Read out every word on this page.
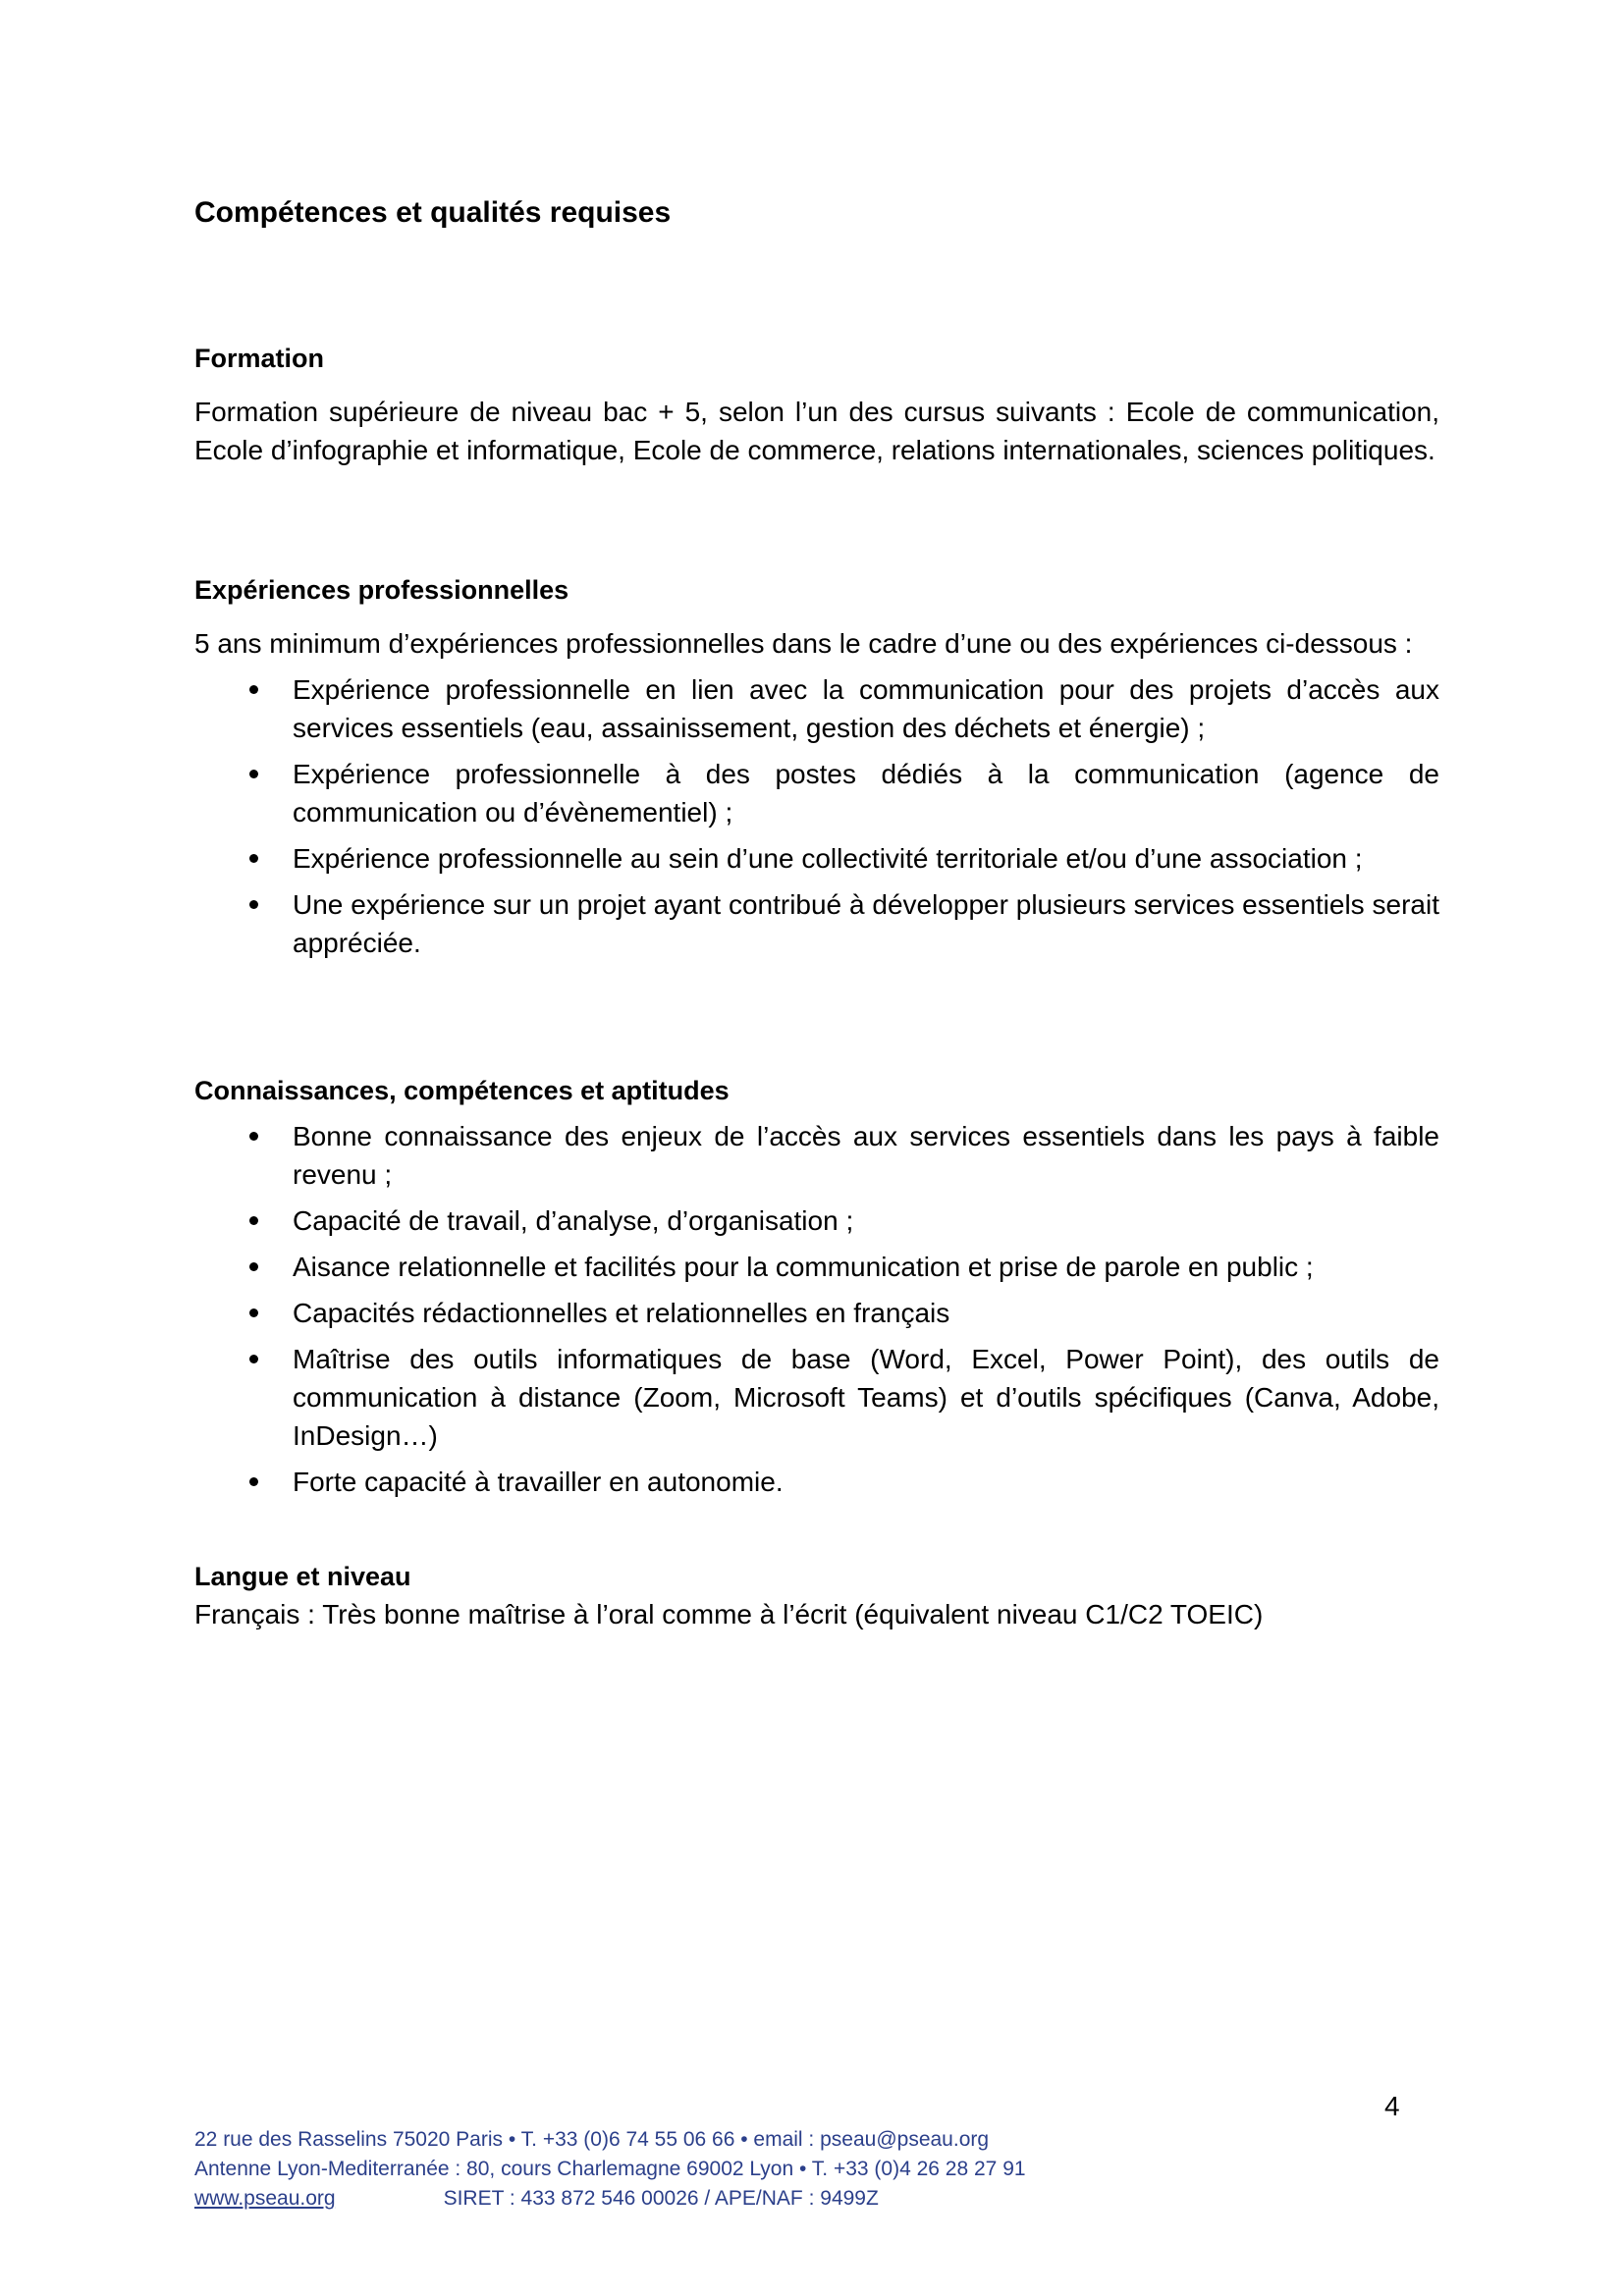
Compétences et qualités requises
Formation

Formation supérieure de niveau bac + 5, selon l’un des cursus suivants : Ecole de communication, Ecole d’infographie et informatique, Ecole de commerce, relations internationales, sciences politiques.

Expériences professionnelles

5 ans minimum d’expériences professionnelles dans le cadre d’une ou des expériences ci-dessous :

Expérience professionnelle en lien avec la communication pour des projets d’accès aux services essentiels (eau, assainissement, gestion des déchets et énergie) ;
Expérience professionnelle à des postes dédiés à la communication (agence de communication ou d’évènementiel) ;
Expérience professionnelle au sein d’une collectivité territoriale et/ou d’une association ;
Une expérience sur un projet ayant contribué à développer plusieurs services essentiels serait appréciée.
Connaissances, compétences et aptitudes
Bonne connaissance des enjeux de l’accès aux services essentiels dans les pays à faible revenu ;
Capacité de travail, d’analyse, d’organisation ;
Aisance relationnelle et facilités pour la communication et prise de parole en public ;
Capacités rédactionnelles et relationnelles en français
Maîtrise des outils informatiques de base (Word, Excel, Power Point), des outils de communication à distance (Zoom, Microsoft Teams) et d’outils spécifiques (Canva, Adobe, InDesign…)
Forte capacité à travailler en autonomie.
Langue et niveau

Français : Très bonne maîtrise à l’oral comme à l’écrit (équivalent niveau C1/C2 TOEIC)

4
22 rue des Rasselins 75020 Paris • T. +33 (0)6 74 55 06 66 • email : pseau@pseau.org
Antenne Lyon-Mediterranée : 80, cours Charlemagne 69002 Lyon • T. +33 (0)4 26 28 27 91
www.pseau.org	SIRET : 433 872 546 00026 / APE/NAF : 9499Z
